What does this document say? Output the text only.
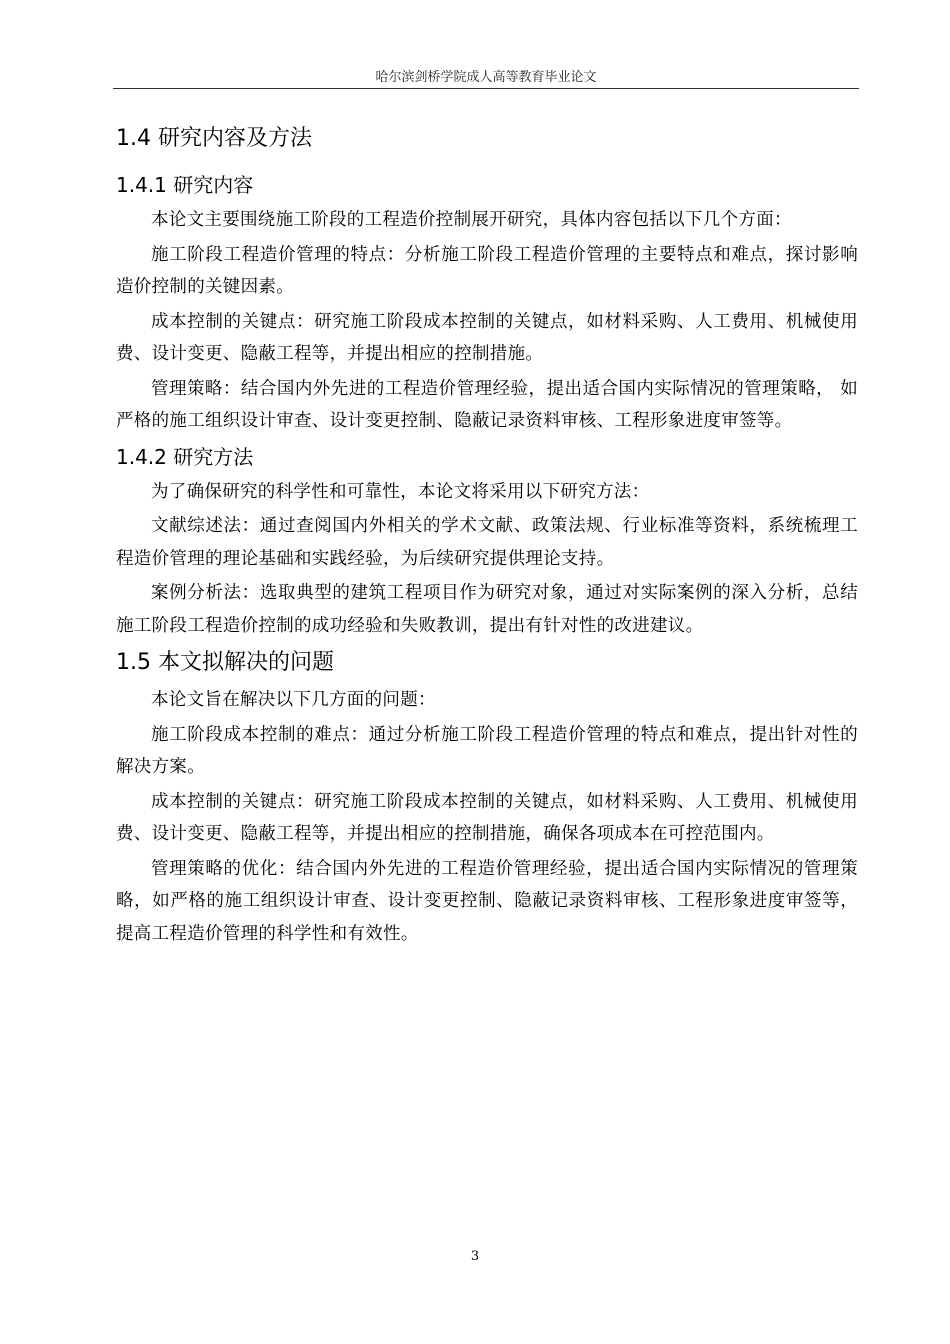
哈尔滨剑桥学院成人高等教育毕业论文
1.4 研究内容及方法
1.4.1 研究内容

本论文主要围绕施工阶段的工程造价控制展开研究，具体内容包括以下几个方面：

施工阶段工程造价管理的特点：分析施工阶段工程造价管理的主要特点和难点，探讨影响造价控制的关键因素。

成本控制的关键点：研究施工阶段成本控制的关键点，如材料采购、人工费用、机械使用费、设计变更、隐蔽工程等，并提出相应的控制措施。

管理策略：结合国内外先进的工程造价管理经验，提出适合国内实际情况的管理策略， 如严格的施工组织设计审查、设计变更控制、隐蔽记录资料审核、工程形象进度审签等。

1.4.2 研究方法

为了确保研究的科学性和可靠性，本论文将采用以下研究方法：

文献综述法：通过查阅国内外相关的学术文献、政策法规、行业标准等资料，系统梳理工程造价管理的理论基础和实践经验，为后续研究提供理论支持。

案例分析法：选取典型的建筑工程项目作为研究对象，通过对实际案例的深入分析，总结施工阶段工程造价控制的成功经验和失败教训，提出有针对性的改进建议。

1.5 本文拟解决的问题

本论文旨在解决以下几方面的问题：

施工阶段成本控制的难点：通过分析施工阶段工程造价管理的特点和难点，提出针对性的解决方案。

成本控制的关键点：研究施工阶段成本控制的关键点，如材料采购、人工费用、机械使用费、设计变更、隐蔽工程等，并提出相应的控制措施，确保各项成本在可控范围内。

管理策略的优化：结合国内外先进的工程造价管理经验，提出适合国内实际情况的管理策略，如严格的施工组织设计审查、设计变更控制、隐蔽记录资料审核、工程形象进度审签等，提高工程造价管理的科学性和有效性。

3
